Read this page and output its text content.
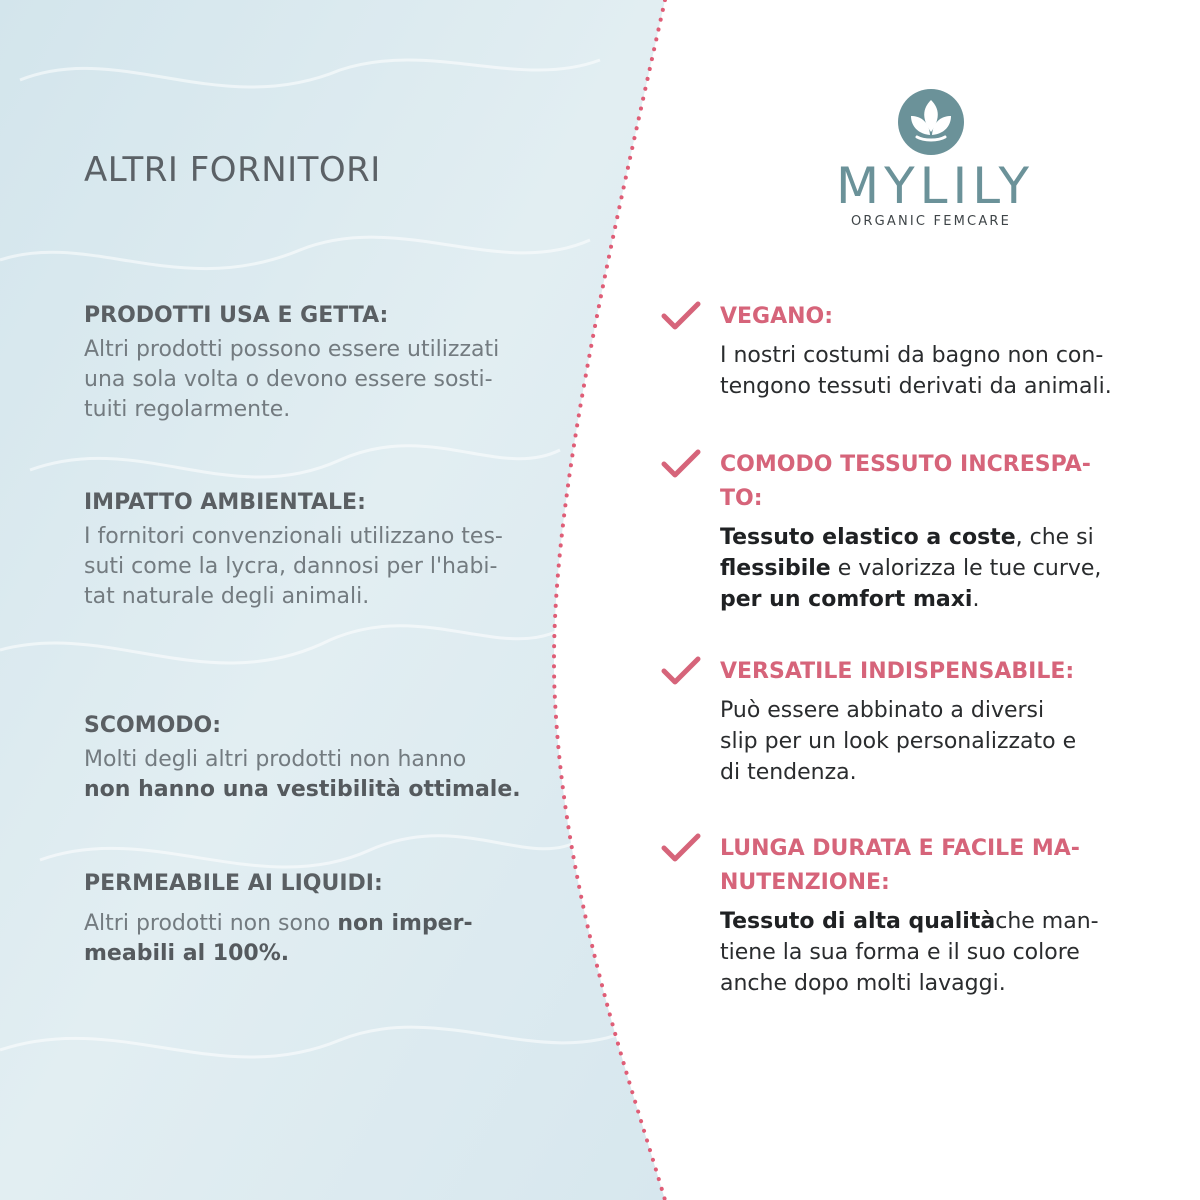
ALTRI FORNITORI
PRODOTTI USA E GETTA:
Altri prodotti possono essere utilizzati
una sola volta o devono essere sosti-
tuiti regolarmente.
IMPATTO AMBIENTALE:
I fornitori convenzionali utilizzano tes-
suti come la lycra, dannosi per l'habi-
tat naturale degli animali.
SCOMODO:
Molti degli altri prodotti non hanno
non hanno una vestibilità ottimale.
PERMEABILE AI LIQUIDI:
Altri prodotti non sono non imper-
meabili al 100%.
MYLILY
ORGANIC FEMCARE
VEGANO:
I nostri costumi da bagno non con-
tengono tessuti derivati da animali.
COMODO TESSUTO INCRESPA-
TO:
Tessuto elastico a coste, che si
flessibile e valorizza le tue curve,
per un comfort maxi.
VERSATILE INDISPENSABILE:
Può essere abbinato a diversi
slip per un look personalizzato e
di tendenza.
LUNGA DURATA E FACILE MA-
NUTENZIONE:
Tessuto di alta qualitàche man-
tiene la sua forma e il suo colore
anche dopo molti lavaggi.
